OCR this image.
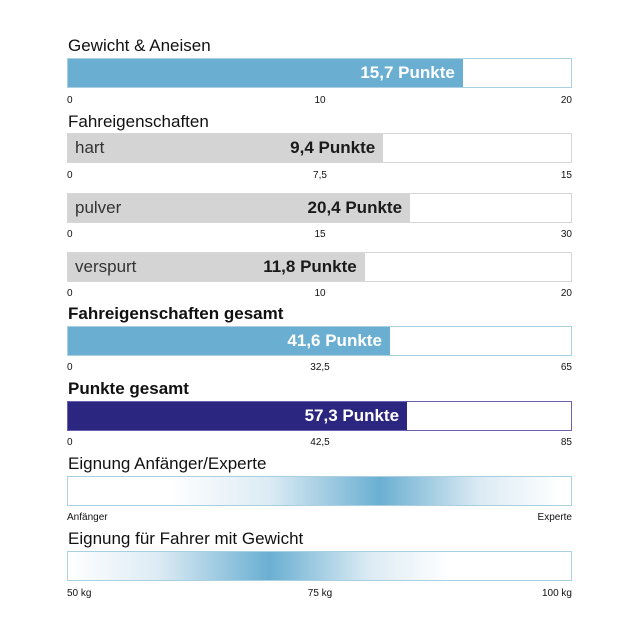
Gewicht & Aneisen
15,7 Punkte
0	10	20
Fahreigenschaften
hart	9,4 Punkte
0	7,5	15
pulver	20,4 Punkte
0	15	30
verspurt	11,8 Punkte
0	10	20
Fahreigenschaften gesamt
41,6 Punkte
0	32,5	65
Punkte gesamt
57,3 Punkte
0	42,5	85
Eignung Anfänger/Experte
Anfänger	Experte
Eignung für Fahrer mit Gewicht
50 kg	75 kg	100 kg
